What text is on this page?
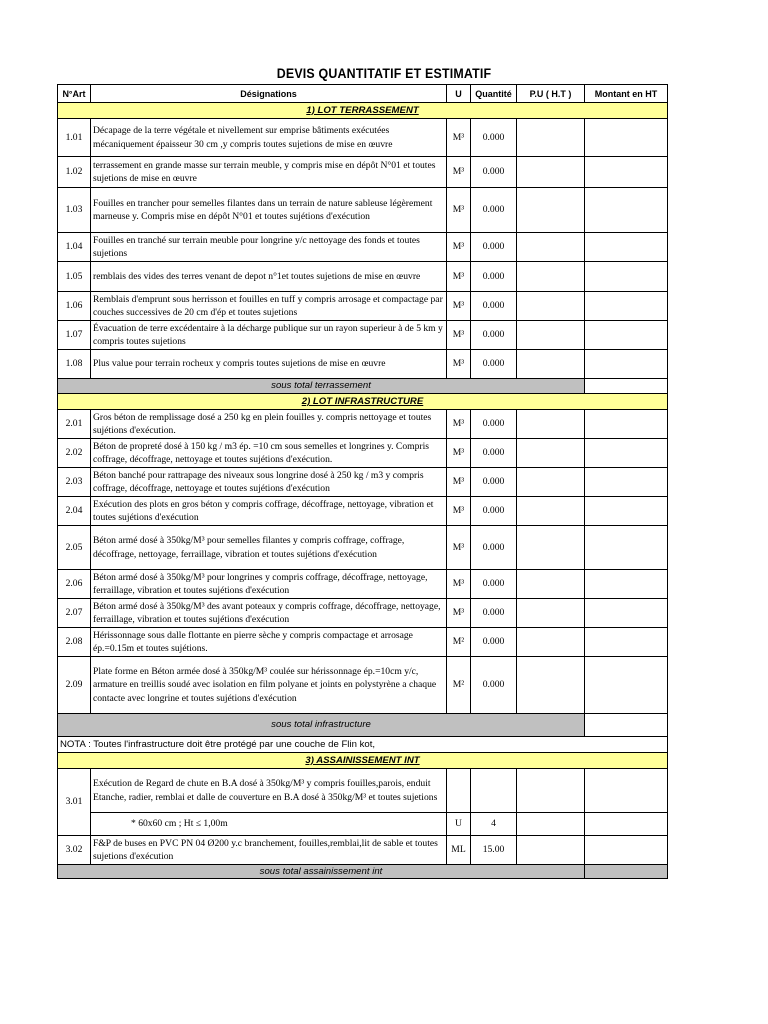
DEVIS QUANTITATIF ET ESTIMATIF
N°Art	Désignations	U	Quantité	P.U ( H.T )	Montant en HT
1) LOT TERRASSEMENT					
1.01	Décapage de la terre végétale et nivellement sur emprise bâtiments exécutées mécaniquement épaisseur 30 cm ,y compris toutes sujetions de mise en œuvre	M³	0.000		
1.02	terrassement en grande masse sur terrain meuble, y compris mise en dépôt N°01 et toutes sujetions de mise en œuvre	M³	0.000		
1.03	Fouilles en trancher pour semelles filantes dans un terrain de nature sableuse légèrement marneuse y. Compris mise en dépôt N°01 et toutes sujétions d'exécution	M³	0.000		
1.04	Fouilles en tranché sur terrain meuble pour longrine y/c nettoyage des fonds et toutes sujetions	M³	0.000		
1.05	remblais des vides des terres venant de depot n°1et toutes sujetions de mise en œuvre	M³	0.000		
1.06	Remblais d'emprunt sous herrisson et fouilles en tuff y compris arrosage et compactage par couches successives de 20 cm d'ép et toutes sujetions	M³	0.000		
1.07	Évacuation de terre excédentaire à la décharge publique sur un rayon superieur à de 5 km y compris toutes sujetions	M³	0.000		
1.08	Plus value pour terrain rocheux y compris toutes sujetions de mise en œuvre	M³	0.000		
sous total terrassement					
2) LOT INFRASTRUCTURE					
2.01	Gros béton de remplissage dosé a 250 kg en plein fouilles y. compris nettoyage et toutes sujétions d'exécution.	M³	0.000		
2.02	Béton de propreté dosé à 150 kg / m3 ép. =10 cm sous semelles et longrines y. Compris coffrage, décoffrage, nettoyage et toutes sujétions d'exécution.	M³	0.000		
2.03	Béton banché pour rattrapage des niveaux sous longrine dosé à 250 kg / m3 y compris coffrage, décoffrage, nettoyage et toutes sujétions d'exécution	M³	0.000		
2.04	Exécution des plots en gros béton y compris coffrage, décoffrage, nettoyage, vibration et toutes sujétions d'exécution	M³	0.000		
2.05	Béton armé dosé à 350kg/M³ pour semelles filantes y compris coffrage, coffrage, décoffrage, nettoyage, ferraillage, vibration et toutes sujétions d'exécution	M³	0.000		
2.06	Béton armé dosé à 350kg/M³ pour longrines y compris coffrage, décoffrage, nettoyage, ferraillage, vibration et toutes sujétions d'exécution	M³	0.000		
2.07	Béton armé dosé à 350kg/M³ des avant poteaux y compris coffrage, décoffrage, nettoyage, ferraillage, vibration et toutes sujétions d'exécution	M³	0.000		
2.08	Hérissonnage sous dalle flottante en pierre sèche y compris compactage et arrosage ép.=0.15m et toutes sujétions.	M²	0.000		
2.09	Plate forme en Béton armée dosé à 350kg/M³ coulée sur hérissonnage ép.=10cm y/c, armature en treillis soudé avec isolation en film polyane et joints en polystyrène a chaque contacte avec longrine et toutes sujétions d'exécution	M²	0.000		
sous total infrastructure					
NOTA : Toutes l'infrastructure doit être protégé par une couche de Flin kot,					
3) ASSAINISSEMENT INT					
3.01	Exécution de Regard de chute en B.A dosé à 350kg/M³ y compris fouilles,parois, enduit Etanche, radier, remblai et dalle de couverture en B.A dosé à 350kg/M³ et toutes sujetions				
	* 60x60 cm ; Ht ≤ 1,00m	U	4		
3.02	F&P de buses en PVC PN 04 Ø200 y.c branchement, fouilles,remblai,lit de sable et toutes sujetions d'exécution	ML	15.00		
sous total assainissement int					
